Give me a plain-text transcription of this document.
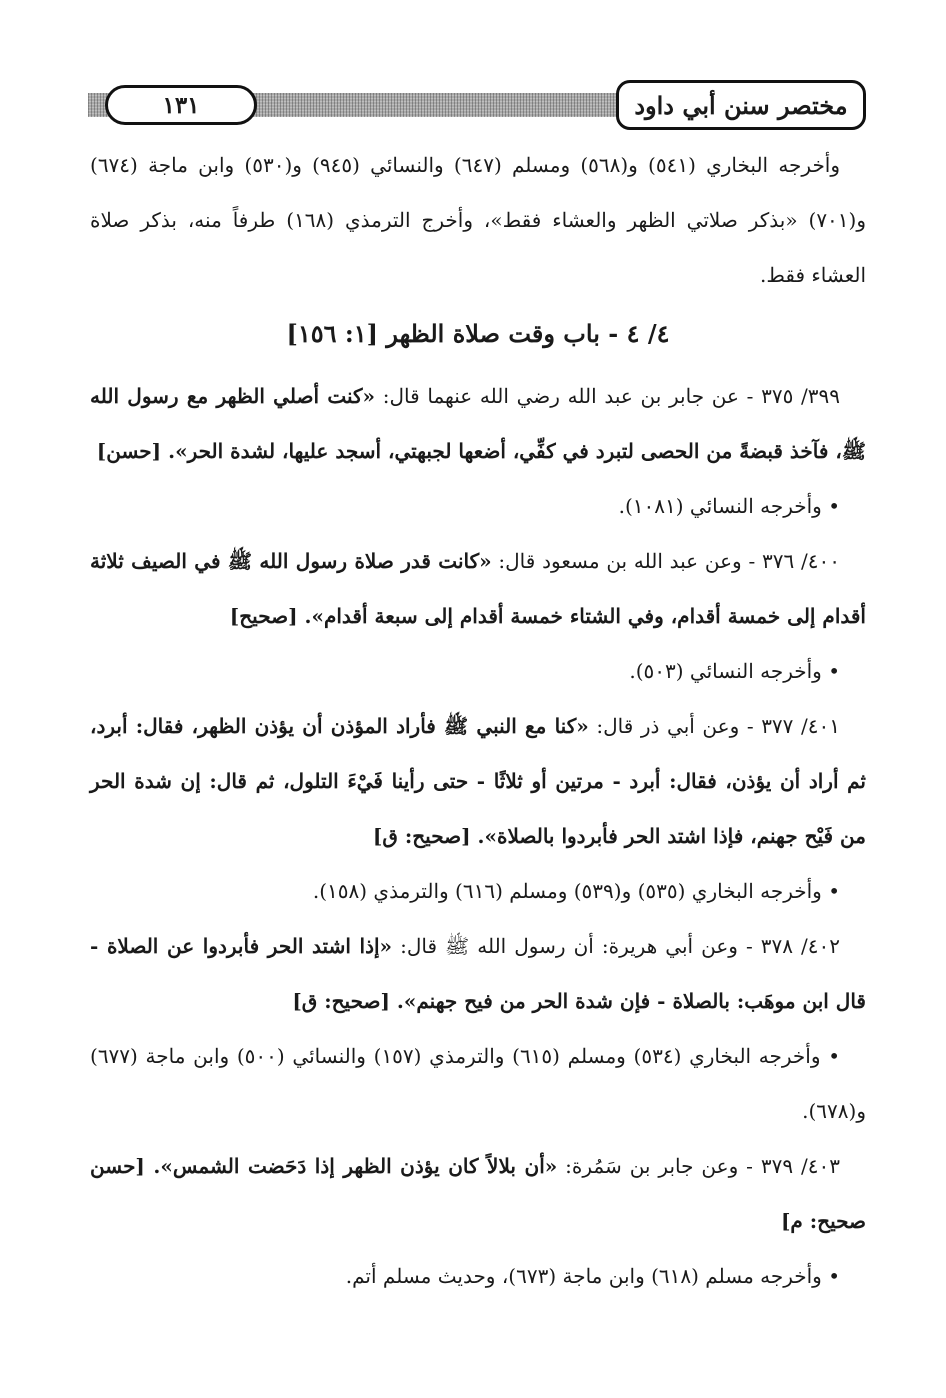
١٣١	مختصر سنن أبي داود

وأخرجه البخاري (٥٤١) و(٥٦٨) ومسلم (٦٤٧) والنسائي (٩٤٥) و(٥٣٠) وابن ماجة (٦٧٤) و(٧٠١) «بذكر صلاتي الظهر والعشاء فقط»، وأخرج الترمذي (١٦٨) طرفاً منه، بذكر صلاة العشاء فقط.

٤/ ٤ - باب وقت صلاة الظهر [١: ١٥٦]

٣٩٩/ ٣٧٥ - عن جابر بن عبد الله رضي الله عنهما قال: «كنت أصلي الظهر مع رسول الله ﷺ، فآخذ قبضةً من الحصى لتبرد في كفِّي، أضعها لجبهتي، أسجد عليها، لشدة الحر». [حسن]

• وأخرجه النسائي (١٠٨١).

٤٠٠/ ٣٧٦ - وعن عبد الله بن مسعود قال: «كانت قدر صلاة رسول الله ﷺ في الصيف ثلاثة أقدام إلى خمسة أقدام، وفي الشتاء خمسة أقدام إلى سبعة أقدام». [صحيح]

• وأخرجه النسائي (٥٠٣).

٤٠١/ ٣٧٧ - وعن أبي ذر قال: «كنا مع النبي ﷺ فأراد المؤذن أن يؤذن الظهر، فقال: أبرد، ثم أراد أن يؤذن، فقال: أبرد - مرتين أو ثلاثًا - حتى رأينا فَيْءَ التلول، ثم قال: إن شدة الحر من فَيْح جهنم، فإذا اشتد الحر فأبردوا بالصلاة». [صحيح: ق]

• وأخرجه البخاري (٥٣٥) و(٥٣٩) ومسلم (٦١٦) والترمذي (١٥٨).

٤٠٢/ ٣٧٨ - وعن أبي هريرة: أن رسول الله ﷺ قال: «إذا اشتد الحر فأبردوا عن الصلاة - قال ابن موهَب: بالصلاة - فإن شدة الحر من فيح جهنم». [صحيح: ق]

• وأخرجه البخاري (٥٣٤) ومسلم (٦١٥) والترمذي (١٥٧) والنسائي (٥٠٠) وابن ماجة (٦٧٧) و(٦٧٨).

٤٠٣/ ٣٧٩ - وعن جابر بن سَمُرة: «أن بلالاً كان يؤذن الظهر إذا دَحَضت الشمس». [حسن صحيح: م]

• وأخرجه مسلم (٦١٨) وابن ماجة (٦٧٣)، وحديث مسلم أتم.
